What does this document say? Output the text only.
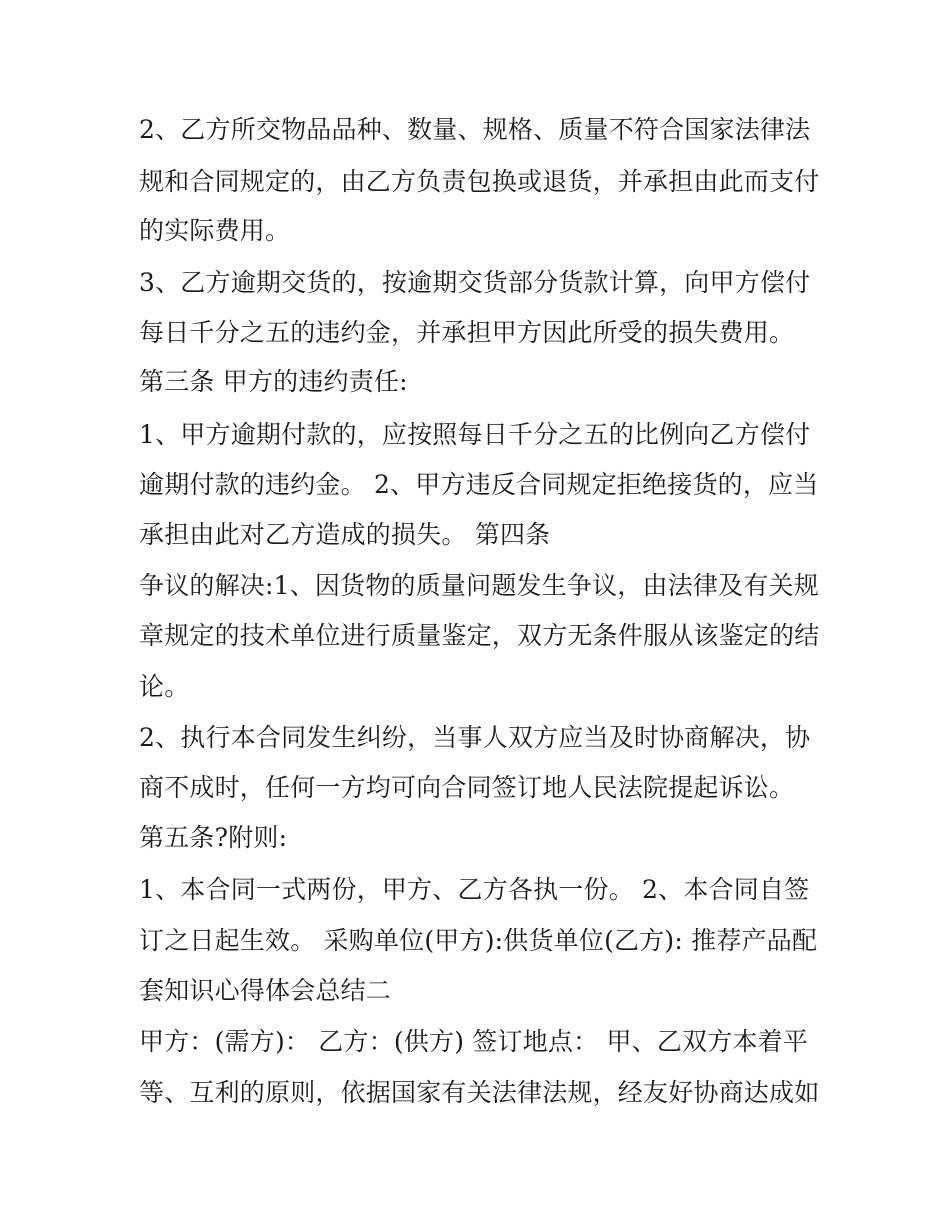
2、乙方所交物品品种、数量、规格、质量不符合国家法律法
规和合同规定的，由乙方负责包换或退货，并承担由此而支付
的实际费用。
3、乙方逾期交货的，按逾期交货部分货款计算，向甲方偿付
每日千分之五的违约金，并承担甲方因此所受的损失费用。
第三条 甲方的违约责任:
1、甲方逾期付款的，应按照每日千分之五的比例向乙方偿付
逾期付款的违约金。 2、甲方违反合同规定拒绝接货的，应当
承担由此对乙方造成的损失。 第四条
争议的解决:1、因货物的质量问题发生争议，由法律及有关规
章规定的技术单位进行质量鉴定，双方无条件服从该鉴定的结
论。
2、执行本合同发生纠纷，当事人双方应当及时协商解决，协
商不成时，任何一方均可向合同签订地人民法院提起诉讼。
第五条?附则:
1、本合同一式两份，甲方、乙方各执一份。 2、本合同自签
订之日起生效。 采购单位(甲方):供货单位(乙方): 推荐产品配
套知识心得体会总结二
甲方：(需方)： 乙方：(供方) 签订地点： 甲、乙双方本着平
等、互利的原则，依据国家有关法律法规，经友好协商达成如
